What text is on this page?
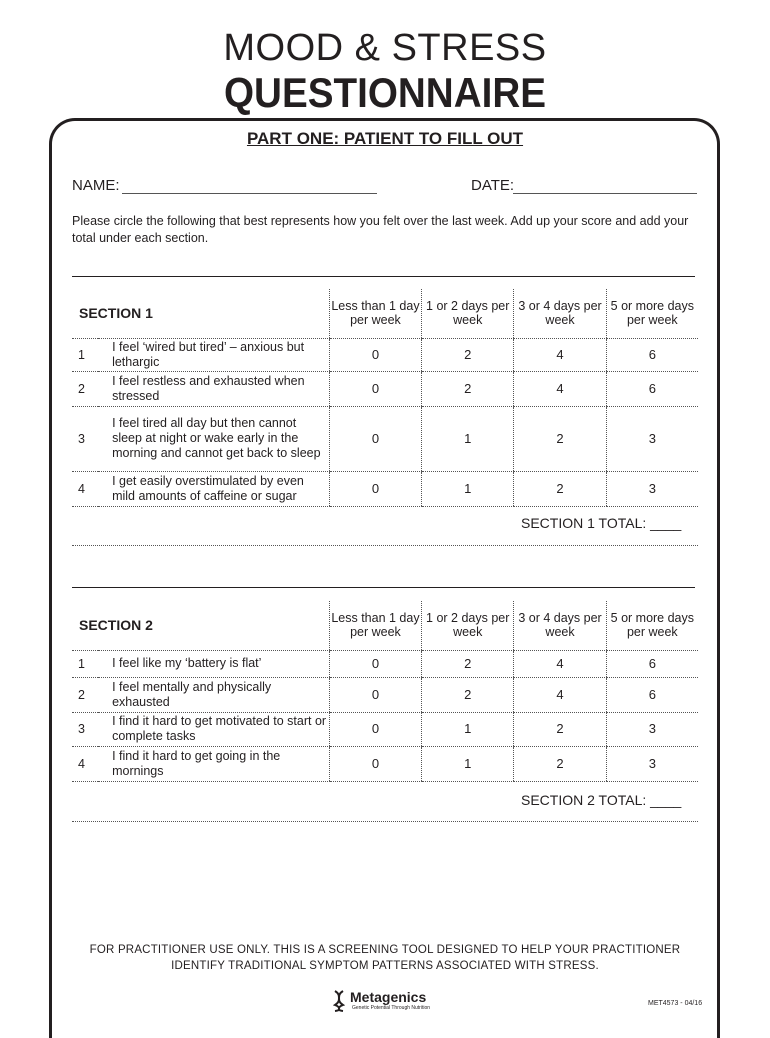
MOOD & STRESS
QUESTIONNAIRE
PART ONE: PATIENT TO FILL OUT
NAME:	DATE:
Please circle the following that best represents how you felt over the last week. Add up your score and add your total under each section.
SECTION 1		Less than 1 day per week	1 or 2 days per week	3 or 4 days per week	5 or more days per week
1	I feel ‘wired but tired’ – anxious but lethargic	0	2	4	6
2	I feel restless and exhausted when stressed	0	2	4	6
3	I feel tired all day but then cannot sleep at night or wake early in the morning and cannot get back to sleep	0	1	2	3
4	I get easily overstimulated by even mild amounts of caffeine or sugar	0	1	2	3
SECTION 1 TOTAL: ____
SECTION 2		Less than 1 day per week	1 or 2 days per week	3 or 4 days per week	5 or more days per week
1	I feel like my ‘battery is flat’	0	2	4	6
2	I feel mentally and physically exhausted	0	2	4	6
3	I find it hard to get motivated to start or complete tasks	0	1	2	3
4	I find it hard to get going in the mornings	0	1	2	3
SECTION 2 TOTAL: ____
FOR PRACTITIONER USE ONLY. THIS IS A SCREENING TOOL DESIGNED TO HELP YOUR PRACTITIONER
IDENTIFY TRADITIONAL SYMPTOM PATTERNS ASSOCIATED WITH STRESS.
Metagenics
Genetic Potential Through Nutrition
MET4573 - 04/16
